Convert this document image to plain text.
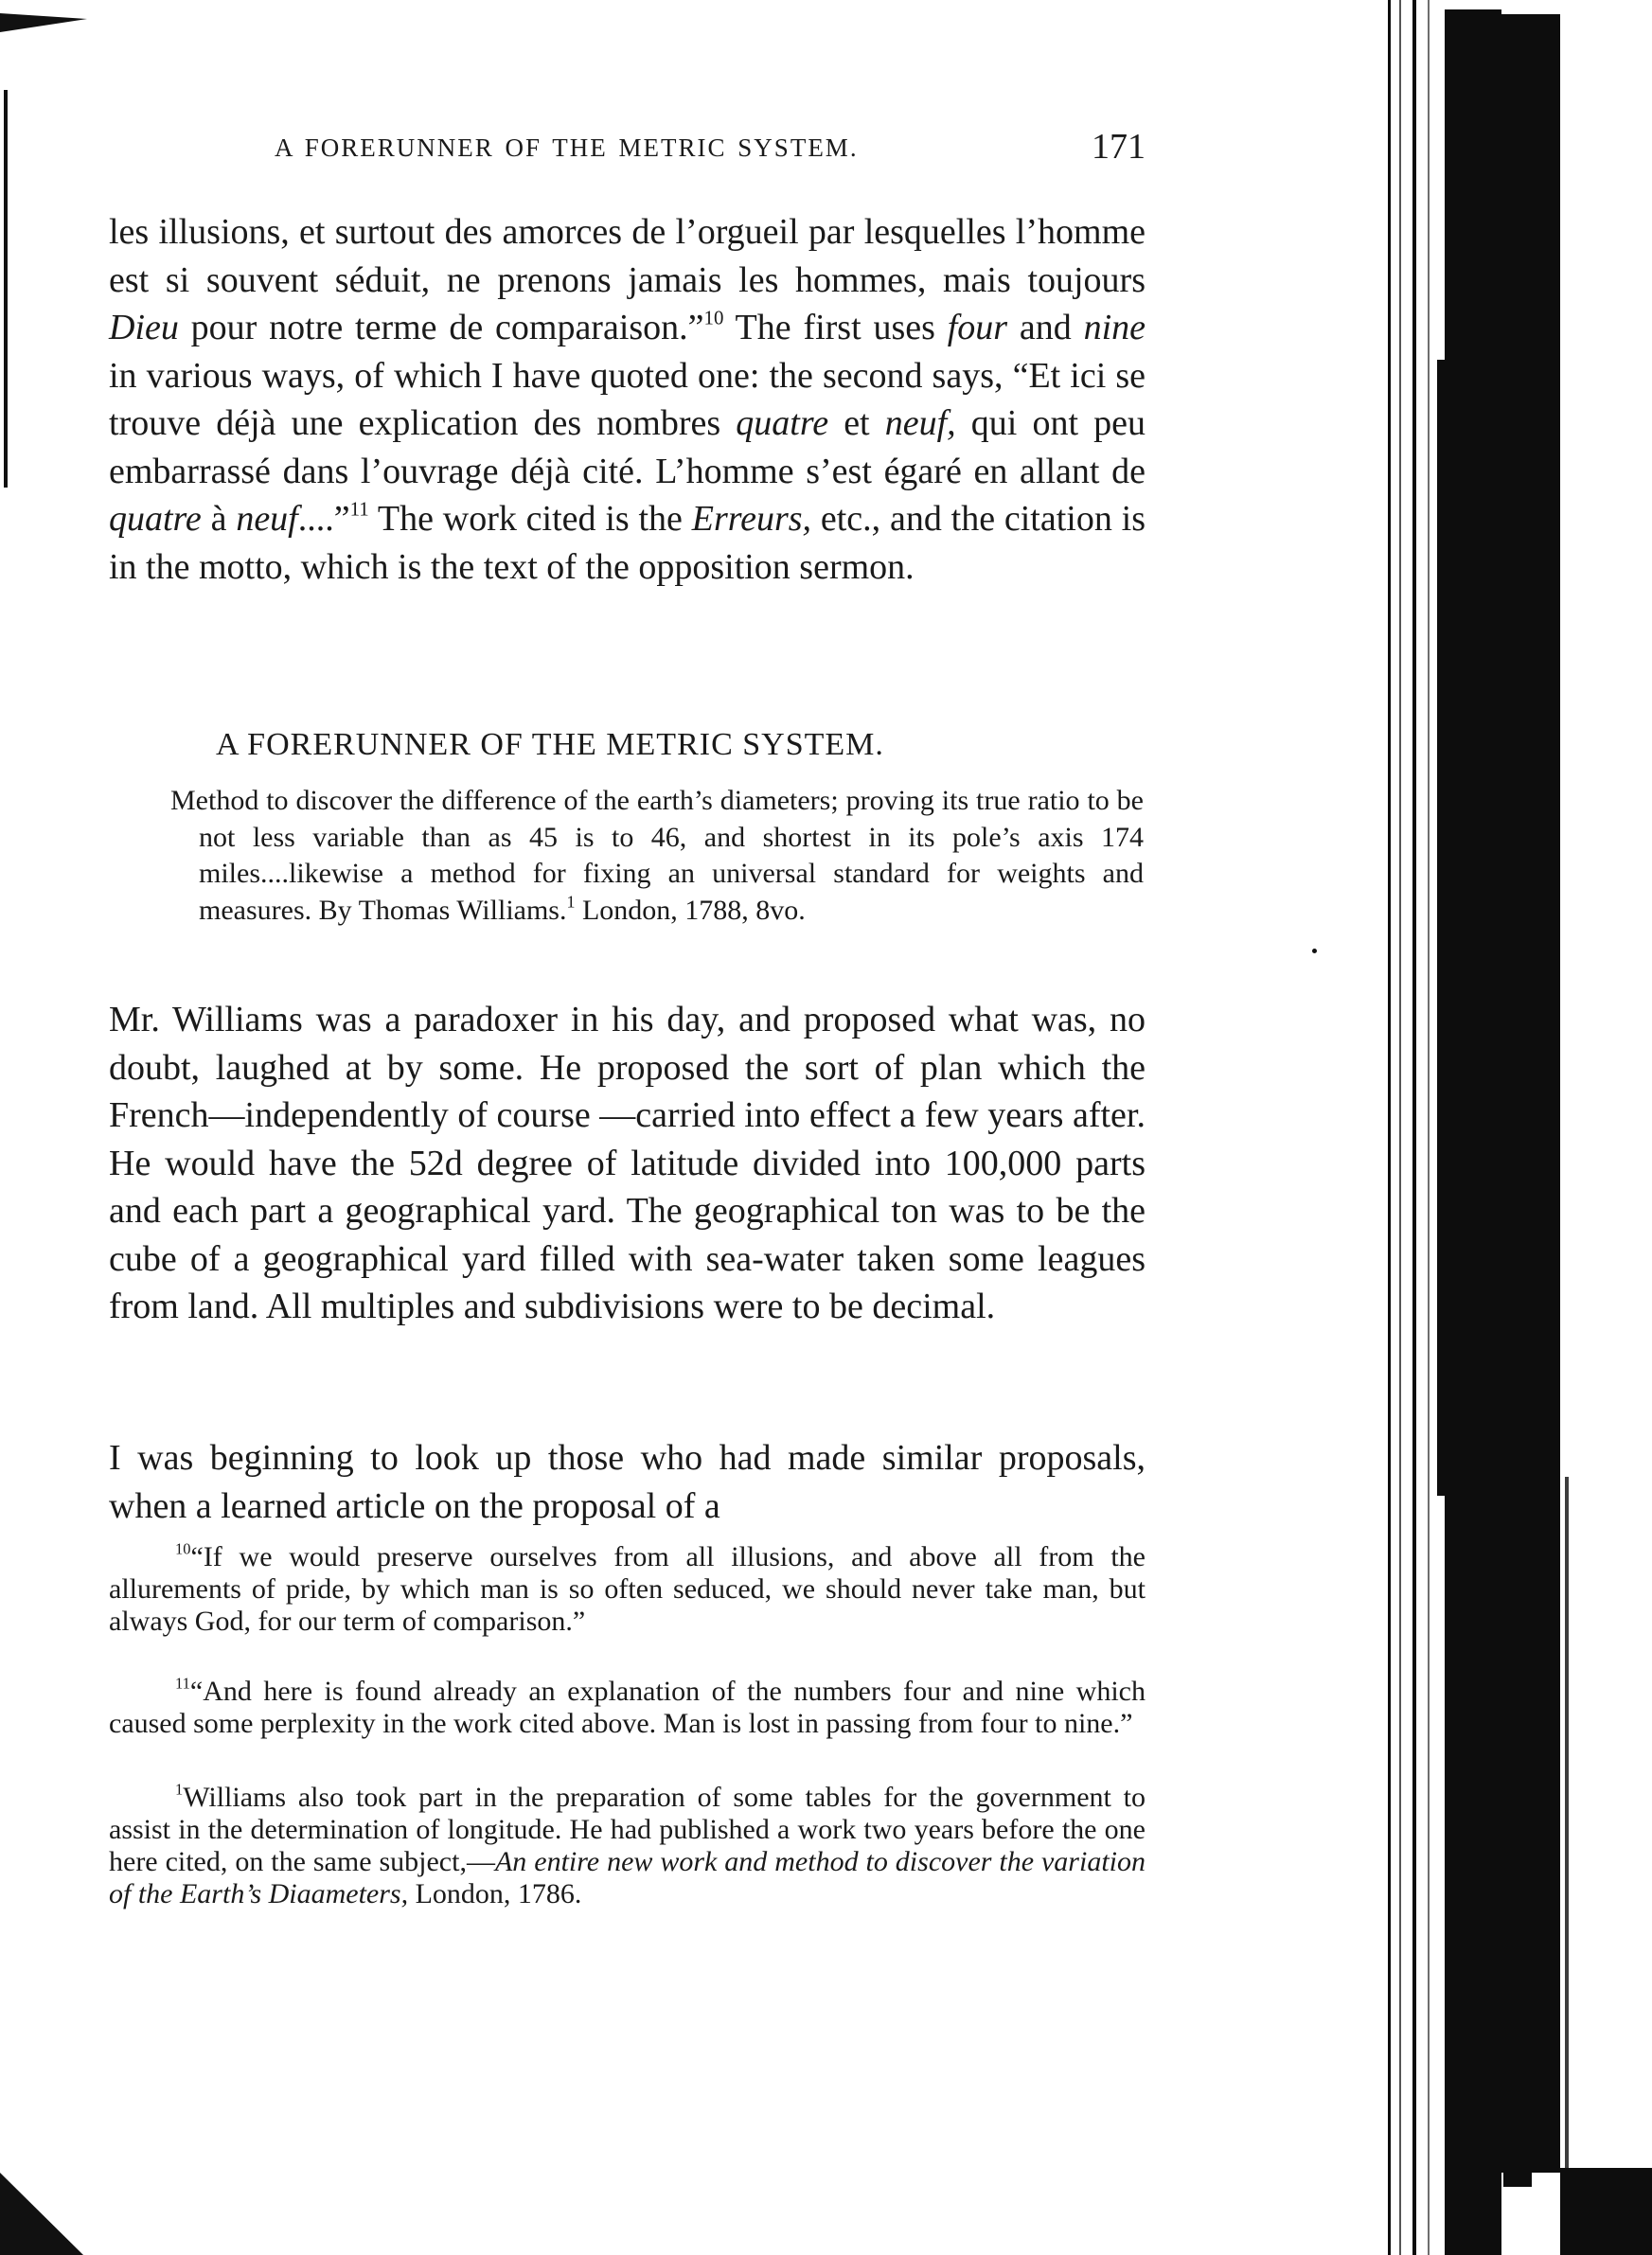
A FORERUNNER OF THE METRIC SYSTEM.	171

les illusions, et surtout des amorces de l’orgueil par lesquelles l’homme est si souvent séduit, ne prenons jamais les hommes, mais toujours Dieu pour notre terme de comparaison.”$^{10}$ The first uses four and nine in various ways, of which I have quoted one: the second says, “Et ici se trouve déjà une explication des nombres quatre et neuf, qui ont peu embarrassé dans l’ouvrage déjà cité. L’homme s’est égaré en allant de quatre à neuf....”$^{11}$ The work cited is the Erreurs, etc., and the citation is in the motto, which is the text of the opposition sermon.

A FORERUNNER OF THE METRIC SYSTEM.

Method to discover the difference of the earth’s diameters; proving its true ratio to be not less variable than as 45 is to 46, and shortest in its pole’s axis 174 miles....likewise a method for fixing an universal standard for weights and measures. By Thomas Williams.$^1$ London, 1788, 8vo.

Mr. Williams was a paradoxer in his day, and proposed what was, no doubt, laughed at by some. He proposed the sort of plan which the French—independently of course —carried into effect a few years after. He would have the 52d degree of latitude divided into 100,000 parts and each part a geographical yard. The geographical ton was to be the cube of a geographical yard filled with sea-water taken some leagues from land. All multiples and subdivisions were to be decimal.

I was beginning to look up those who had made similar proposals, when a learned article on the proposal of a

$^{10}$“If we would preserve ourselves from all illusions, and above all from the allurements of pride, by which man is so often seduced, we should never take man, but always God, for our term of comparison.”

$^{11}$“And here is found already an explanation of the numbers four and nine which caused some perplexity in the work cited above. Man is lost in passing from four to nine.”

$^1$Williams also took part in the preparation of some tables for the government to assist in the determination of longitude. He had published a work two years before the one here cited, on the same subject,—An entire new work and method to discover the variation of the Earth’s Diaameters, London, 1786.
